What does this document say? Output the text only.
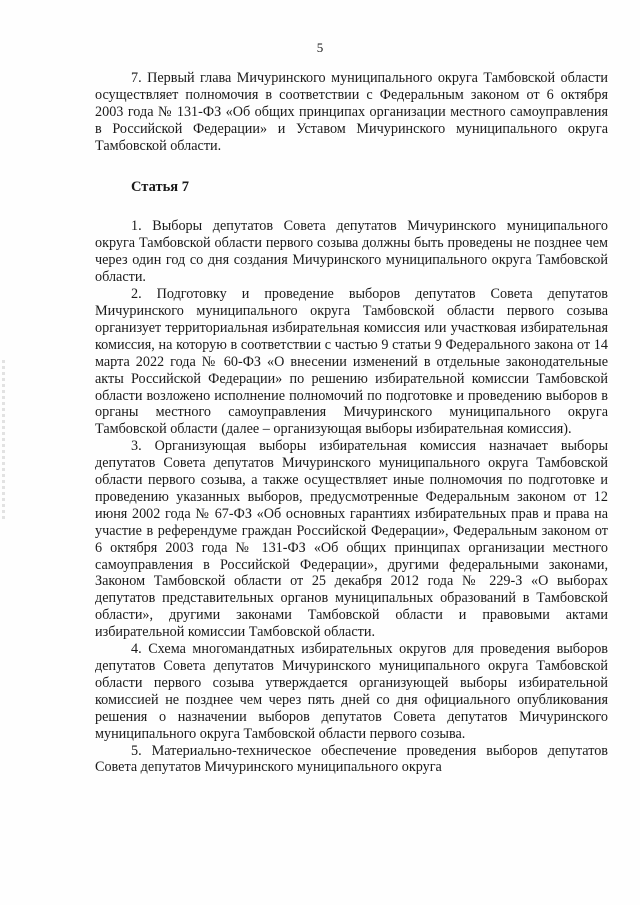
5

7. Первый глава Мичуринского муниципального округа Тамбовской области осуществляет полномочия в соответствии с Федеральным законом от 6 октября 2003 года № 131-ФЗ «Об общих принципах организации местного самоуправления в Российской Федерации» и Уставом Мичуринского муниципального округа Тамбовской области.

Статья 7

1. Выборы депутатов Совета депутатов Мичуринского муниципального округа Тамбовской области первого созыва должны быть проведены не позднее чем через один год со дня создания Мичуринского муниципального округа Тамбовской области.

2. Подготовку и проведение выборов депутатов Совета депутатов Мичуринского муниципального округа Тамбовской области первого созыва организует территориальная избирательная комиссия или участковая избирательная комиссия, на которую в соответствии с частью 9 статьи 9 Федерального закона от 14 марта 2022 года № 60-ФЗ «О внесении изменений в отдельные законодательные акты Российской Федерации» по решению избирательной комиссии Тамбовской области возложено исполнение полномочий по подготовке и проведению выборов в органы местного самоуправления Мичуринского муниципального округа Тамбовской области (далее – организующая выборы избирательная комиссия).

3. Организующая выборы избирательная комиссия назначает выборы депутатов Совета депутатов Мичуринского муниципального округа Тамбовской области первого созыва, а также осуществляет иные полномочия по подготовке и проведению указанных выборов, предусмотренные Федеральным законом от 12 июня 2002 года № 67-ФЗ «Об основных гарантиях избирательных прав и права на участие в референдуме граждан Российской Федерации», Федеральным законом от 6 октября 2003 года № 131-ФЗ «Об общих принципах организации местного самоуправления в Российской Федерации», другими федеральными законами, Законом Тамбовской области от 25 декабря 2012 года № 229-З «О выборах депутатов представительных органов муниципальных образований в Тамбовской области», другими законами Тамбовской области и правовыми актами избирательной комиссии Тамбовской области.

4. Схема многомандатных избирательных округов для проведения выборов депутатов Совета депутатов Мичуринского муниципального округа Тамбовской области первого созыва утверждается организующей выборы избирательной комиссией не позднее чем через пять дней со дня официального опубликования решения о назначении выборов депутатов Совета депутатов Мичуринского муниципального округа Тамбовской области первого созыва.

5. Материально-техническое обеспечение проведения выборов депутатов Совета депутатов Мичуринского муниципального округа
